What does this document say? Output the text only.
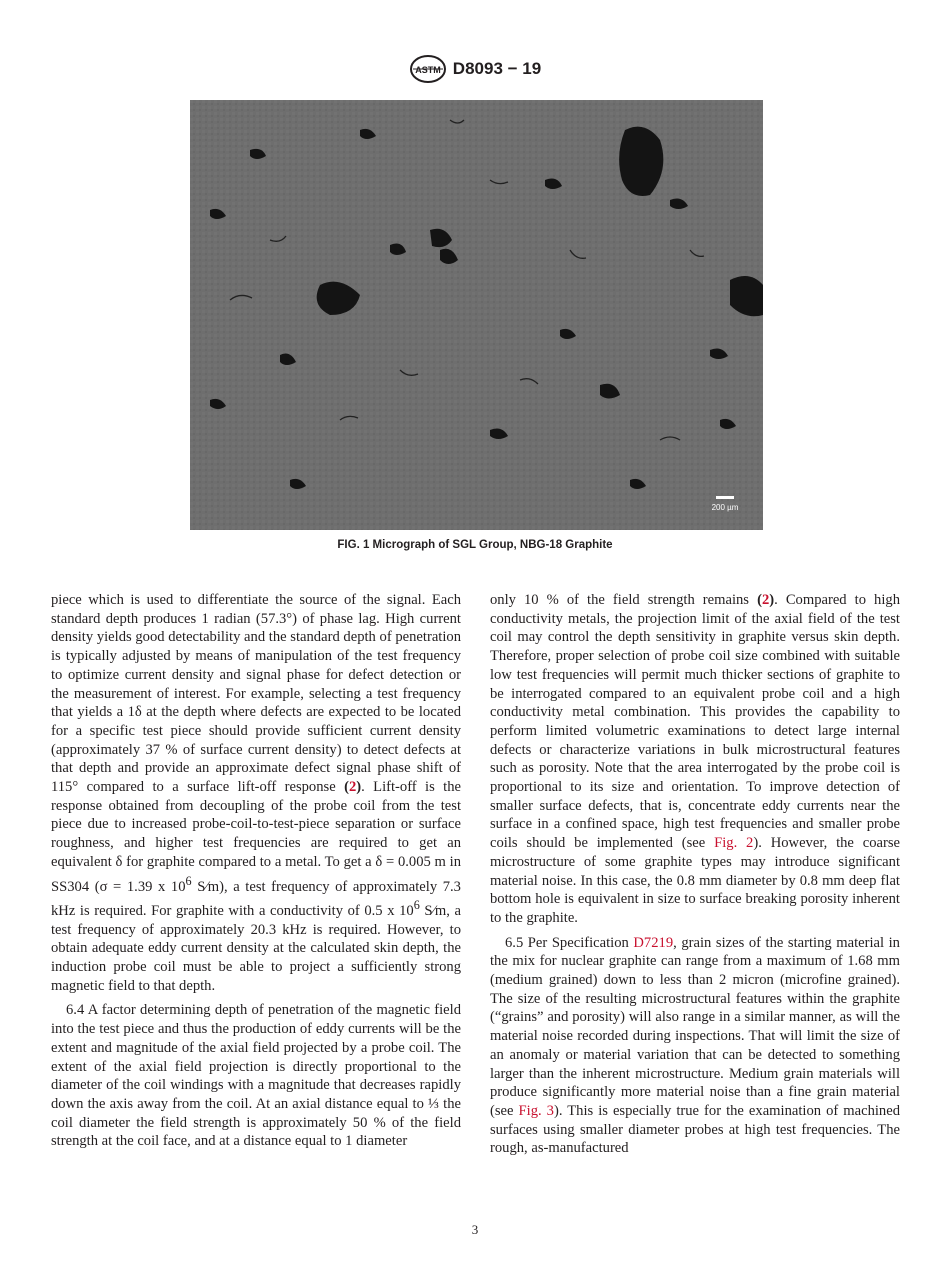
ASTM D8093 − 19
200 µm
FIG. 1 Micrograph of SGL Group, NBG-18 Graphite

piece which is used to differentiate the source of the signal. Each standard depth produces 1 radian (57.3°) of phase lag. High current density yields good detectability and the standard depth of penetration is typically adjusted by means of manipulation of the test frequency to optimize current density and signal phase for defect detection or the measurement of interest. For example, selecting a test frequency that yields a 1δ at the depth where defects are expected to be located for a specific test piece should provide sufficient current density (approximately 37 % of surface current density) to detect defects at that depth and provide an approximate defect signal phase shift of 115° compared to a surface lift-off response (2). Lift-off is the response obtained from decoupling of the probe coil from the test piece due to increased probe-coil-to-test-piece separation or surface roughness, and higher test frequencies are required to get an equivalent δ for graphite compared to a metal. To get a δ = 0.005 m in SS304 (σ = 1.39 x $10^6$ S⁄m), a test frequency of approximately 7.3 kHz is required. For graphite with a conductivity of 0.5 x $10^6$ S⁄m, a test frequency of approximately 20.3 kHz is required. However, to obtain adequate eddy current density at the calculated skin depth, the induction probe coil must be able to project a sufficiently strong magnetic field to that depth.

6.4 A factor determining depth of penetration of the magnetic field into the test piece and thus the production of eddy currents will be the extent and magnitude of the axial field projected by a probe coil. The extent of the axial field projection is directly proportional to the diameter of the coil windings with a magnitude that decreases rapidly down the axis away from the coil. At an axial distance equal to ⅓ the coil diameter the field strength is approximately 50 % of the field strength at the coil face, and at a distance equal to 1 diameter

only 10 % of the field strength remains (2). Compared to high conductivity metals, the projection limit of the axial field of the test coil may control the depth sensitivity in graphite versus skin depth. Therefore, proper selection of probe coil size combined with suitable low test frequencies will permit much thicker sections of graphite to be interrogated compared to an equivalent probe coil and a high conductivity metal combination. This provides the capability to perform limited volumetric examinations to detect large internal defects or characterize variations in bulk microstructural features such as porosity. Note that the area interrogated by the probe coil is proportional to its size and orientation. To improve detection of smaller surface defects, that is, concentrate eddy currents near the surface in a confined space, high test frequencies and smaller probe coils should be implemented (see Fig. 2). However, the coarse microstructure of some graphite types may introduce significant material noise. In this case, the 0.8 mm diameter by 0.8 mm deep flat bottom hole is equivalent in size to surface breaking porosity inherent to the graphite.

6.5 Per Specification D7219, grain sizes of the starting material in the mix for nuclear graphite can range from a maximum of 1.68 mm (medium grained) down to less than 2 micron (microfine grained). The size of the resulting microstructural features within the graphite (“grains” and porosity) will also range in a similar manner, as will the material noise recorded during inspections. That will limit the size of an anomaly or material variation that can be detected to something larger than the inherent microstructure. Medium grain materials will produce significantly more material noise than a fine grain material (see Fig. 3). This is especially true for the examination of machined surfaces using smaller diameter probes at high test frequencies. The rough, as-manufactured

3
